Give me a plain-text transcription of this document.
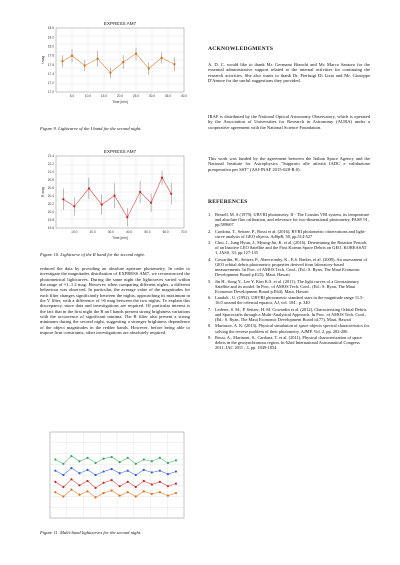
EXPRESS AM7
I mag
Time [min]
17.0
17.2
17.4
17.6
17.8
18.0
18.2
18.5
5.0	10.0	15.0	20.0	25.0	30.0	35.0	40.0
Figure 9. Lightcurve of the I band for the second night.
EXPRESS AM7
R mag
Time [min]
19.6
19.8
20.0
20.2
20.4
20.6
20.8
21.0
21.2
21.4
10.0	20.0	30.0	40.0	50.0	60.0	70.0
Figure 10. Lightcurve of the R band for the second night.

reduced the data by providing an absolute aperture photometry. In order to investigate the magnitudes distribution of EXPRESS AM7, we reconstructed the photometrical lightcurves. During the same night the lightcurves varied within the range of ≈1–1.2 mag. However, when comparing different nights, a different behaviour was observed. In particular, the average value of the magnitudes for each filter changes significantly between the nights, approaching its maximum in the V filter, with a difference of ≈6 mag between the two nights. To explain this discrepancy, more data and investigations are required. Of particular interest is the fact that in the first night the R an I bands present strong brightness variations with the occurrence of significant minima. The R filter also present a strong minimum during the second night, suggesting a stronger brightness dependence of the object magnitudes in the redder bands. However, before being able to impose firm constraints, other investigations are absolutely required.

Figure 11. Multi-band lightcurves for the second night.
ACKNOWLEDGMENTS

A. D. C. would like to thank Mr. Germano Bianchi and Mr. Marco Santoro for the essential administrative support related to the internal activities for continuing the research activities. She also wants to thank Dr. Pierluigi Di Lizia and Mr. Giuseppe D'Amore for the useful suggestions they provided.

IRAF is distributed by the National Optical Astronomy Observatory, which is operated by the Association of Universities for Research in Astronomy (AURA) under a cooperative agreement with the National Science Foundation.

This work was funded by the agreement between the Italian Space Agency and the National Institute for Astrophysics "Supporto alle attività IADC e validazione preoperativa per SST" (ASI-INAF 2015-028-R.0).

REFERENCES
1. Bessell, M. S (1979), UBVRI photometry. II - The Cousins VRI system, its temperature and absolute flux calibration, and relevance for two-dimensional photometry, PASP, 91, pp.589607
2. Cardona, T., Seitzer, P., Rossi et al. (2016), BVRI photometric observations and light-curve analysis of GEO objects, AdSpR, 58, pp.514-527
3. Choi, J., Jung Hyun, J., Myung-Jin, K. et al. (2016), Determining the Rotation Periods of an Inactive LEO Satellite and the First Korean Space Debris on GEO, KOREASAT 1, JASS, 33, pp.127-135
4. Cowardin, H., Seitzer, P., Abercromby, K., E.S. Barker, et al. (2009), An assessment of GEO orbital debris photometric properties derived from laboratory-based measurements. In Proc. of AMOS Tech. Conf., (Ed.: S. Ryan, The Maui Economic Development Board p.E25), Maui, Hawaii
5. Jin H., Song Y., Lee Y, Kim K.S. et al. (2011), The light curves of a Geostationary Satellite and its model. In Proc. of AMOS Tech. Conf., (Ed.: S. Ryan, The Maui Economic Development Board p.E64), Maui, Hawaii
6. Landolt , U. (1992), UBVRI photometric standard stars in the magnitude range 11.5-16.0 around the celestial equator, AJ, vol. 104 , p. 340
7. Lederer, S. M., P. Seitzer, H. M. Cowardin et al. (2012), Characterizing Orbital Debris and Spacecrafts through a Multi-Analytical Approach. In Proc. of AMOS Tech. Conf., (Ed.: S. Ryan, The Maui Economic Development Board id.77), Maui, Hawaii
8. Murtazov, A. K. (2013), Physical simulation of space objects spectral characteristics for solving the reverse problem of their photometry, AJMP, Vol. 2, pp. 282-286
9. Rossi, A., Marinoni, S., Cardona, T. et al. (2011), Physical characterization of space debris in the geosynchronous region. In 62nd International Astronautical Congress 2011, IAC 2011 , 3, pp. 1849-1854
